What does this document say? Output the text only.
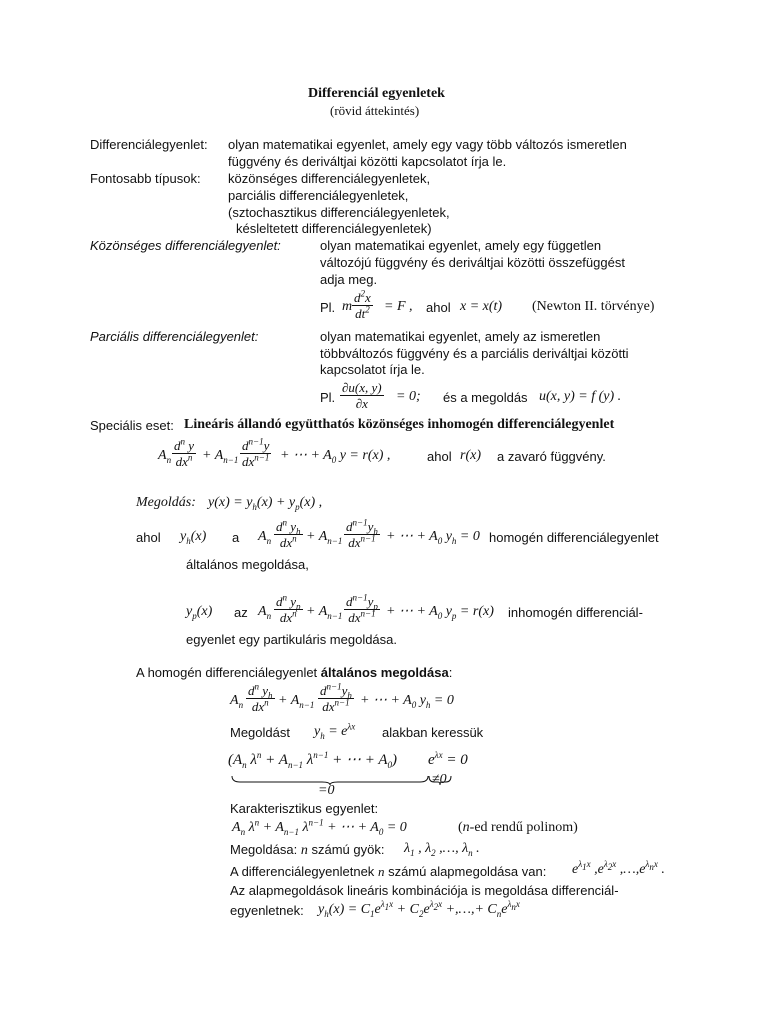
Differenciál egyenletek
(rövid áttekintés)
Differenciálegyenlet: olyan matematikai egyenlet, amely egy vagy több változós ismeretlen
függvény és deriváltjai közötti kapcsolatot írja le.
Fontosabb típusok: közönséges differenciálegyenletek,
parciális differenciálegyenletek,
(sztochasztikus differenciálegyenletek,
késleltetett differenciálegyenletek)
Közönséges differenciálegyenlet:	olyan matematikai egyenlet, amely egy független
változójú függvény és deriváltjai közötti összefüggést
adja meg.
Pl. m $\frac{d^2x}{dt^2} = F$ , ahol x = x(t) (Newton II. törvénye)
Parciális differenciálegyenlet:	olyan matematikai egyenlet, amely az ismeretlen
többváltozós függvény és a parciális deriváltjai közötti
kapcsolatot írja le.
Pl. $\frac{\partial u(x, y)}{\partial x} = 0$; és a megoldás u(x, y) = f (y) .
Speciális eset: Lineáris állandó együtthatós közönséges inhomogén differenciálegyenlet
$A_n$
$d^n$ y
$dx^n + A_{n-1}$
$d^{n-1}y$
$dx^{n-1}$ + ⋯ + $A_0$ y = r(x) ,	ahol r(x) a zavaró függvény.
Megoldás: $y(x) = y_h(x) + y_p(x)$ ,
ahol $y_h(x)$ a $A_n$
$d^n$ $y_h$
$dx^n + A_{n-1}$
$d^{n-1}y_h$
$dx^{n-1}$ + ⋯ + $A_0$ $y_h = 0$ homogén differenciálegyenlet
általános megoldása,
$y_p(x)$ az $A_n$
$d^n$ $y_p$
$dx^n + A_{n-1}$
$d^{n-1}y_p$
$dx^{n-1}$ + ⋯ + $A_0$ $y_p = r(x)$ inhomogén differenciál-
egyenlet egy partikuláris megoldása.
A homogén differenciálegyenlet általános megoldása:
$A_n$
$d^n$ $y_h$
$dx^n + A_{n-1}$
$d^{n-1}y_h$
$dx^{n-1}$ + ⋯ + $A_0$ $y_h = 0$
Megoldást $y_h = e^{\lambda x}$ alakban keressük
($A_n$ $\lambda^n + A_{n-1}$ $\lambda^{n-1}$ + ⋯ + $A_0$) $e^{\lambda x} = 0$
=0
≠0
Karakterisztikus egyenlet:
$A_n$ $\lambda^n + A_{n-1}$ $\lambda^{n-1}$ + ⋯ + $A_0 = 0$	(n-ed rendű polinom)
Megoldása: n számú gyök: $\lambda_1$ , $\lambda_2$ ,…, $\lambda_n$ .
A differenciálegyenletnek n számú alapmegoldása van: $e^{\lambda_1x}$ $,e^{\lambda_2x}$ $,\dots,e^{\lambda_nx}$ .
Az alapmegoldások lineáris kombinációja is megoldása differenciál-
egyenletnek: $y_h(x) = C_1e^{\lambda_1x} + C_2e^{\lambda_2x}$ +,…,+ $C_ne^{\lambda_nx}$
